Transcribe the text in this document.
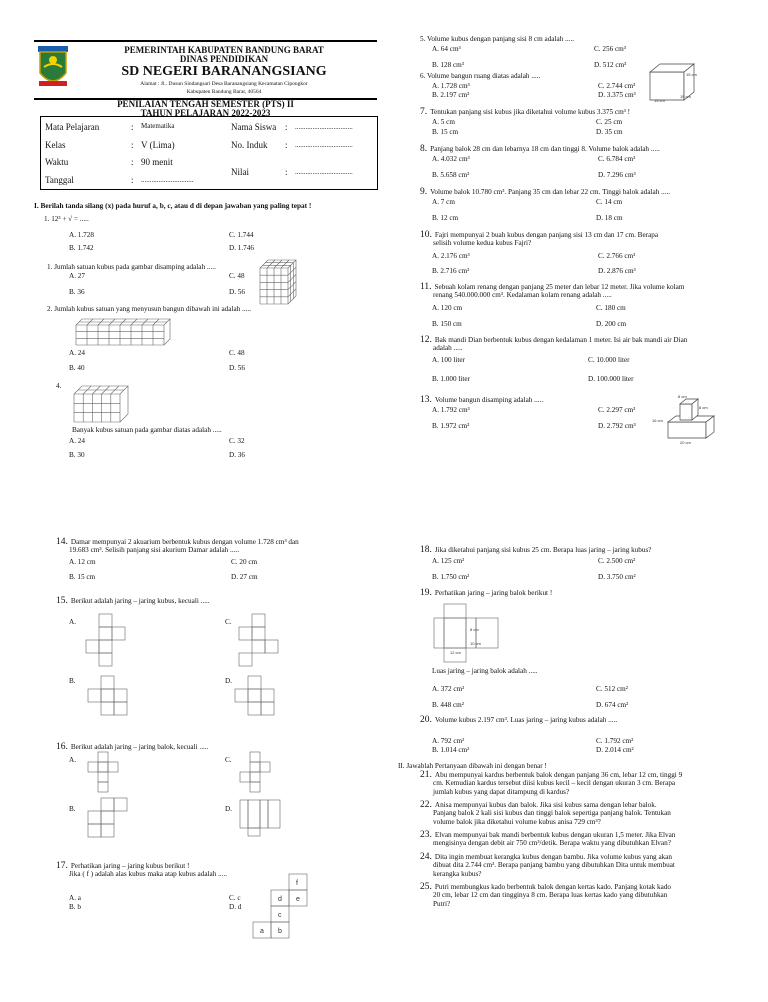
PEMERINTAH KABUPATEN BANDUNG BARAT
DINAS PENDIDIKAN
SD NEGERI BARANANGSIANG
Alamat : Jl.. Dusun Sindangsari Desa Baranangsiang Kecamatan Cipongkor
Kabupaten Bandung Barat, 40564
PENILAIAN TENGAH SEMESTER (PTS) II
TAHUN PELAJARAN 2022-2023
Mata Pelajaran	: Matematika
Kelas	: V (Lima)
Waktu	: 90 menit
Tanggal	: ..............................
Nama Siswa : .................................
No. Induk : .................................
Nilai	: .................................
I. Berilah tanda silang (x) pada huruf a, b, c, atau d di depan jawaban yang paling tepat !
1. 12³ + √ = .....
A. 1.728	C. 1.744
B. 1.742	D. 1.746
1. Jumlah satuan kubus pada gambar disamping adalah .....
A. 27	C. 48
B. 36	D. 56
2. Jumlah kubus satuan yang menyusun bangun dibawah ini adalah .....
A. 24	C. 48
B. 40	D. 56
4.
Banyak kubus satuan pada gambar diatas adalah .....
A. 24	C. 32
B. 30	D. 36
5. Volume kubus dengan panjang sisi 8 cm adalah .....
A. 64 cm³	C. 256 cm³
B. 128 cm³	D. 512 cm³
6. Volume bangun ruang diatas adalah .....
A. 1.728 cm³	C. 2.744 cm³
B. 2.197 cm³	D. 3.375 cm³
15 cm
15 cm
15 cm
7. Tentukan panjang sisi kubus jika diketahui volume kubus 3.375 cm³ !
A. 5 cm	C. 25 cm
B. 15 cm	D. 35 cm
8. Panjang balok 28 cm dan lebarnya 18 cm dan tinggi 8. Volume balok adalah .....
A. 4.032 cm³	C. 6.784 cm³
B. 5.658 cm³	D. 7.296 cm³
9. Volume balok 10.780 cm³. Panjang 35 cm dan lebar 22 cm. Tinggi balok adalah .....
A. 7 cm	C. 14 cm
B. 12 cm	D. 18 cm
10. Fajri mempunyai 2 buah kubus dengan panjang sisi 13 cm dan 17 cm. Berapa
selisih volume kedua kubus Fajri?
A. 2.176 cm³	C. 2.766 cm³
B. 2.716 cm³	D. 2.876 cm³
11. Sebuah kolam renang dengan panjang 25 meter dan lebar 12 meter. Jika volume kolam
renang 540.000.000 cm³. Kedalaman kolam renang adalah .....
A. 120 cm	C. 180 cm
B. 150 cm	D. 200 cm
12. Bak mandi Dian berbentuk kubus dengan kedalaman 1 meter. Isi air bak mandi air Dian
adalah .....
A. 100 liter	C. 10.000 liter
B. 1.000 liter	D. 100.000 liter
13. Volume bangun disamping adalah .....
A. 1.792 cm³	C. 2.297 cm³
B. 1.972 cm³	D. 2.792 cm³
8 cm
8 cm
16 cm
20 cm
14. Damar mempunyai 2 akuarium berbentuk kubus dengan volume 1.728 cm³ dan
19.683 cm³. Selisih panjang sisi akurium Damar adalah .....
A. 12 cm	C. 20 cm
B. 15 cm	D. 27 cm
15. Berikut adalah jaring – jaring kubus, kecuali .....
A.	C.
B.	D.
16. Berikut adalah jaring – jaring balok, kecuali .....
A.	C.
B.	D.
17. Perhatikan jaring – jaring kubus berikut !
Jika ( f ) adalah alas kubus maka atap kubus adalah .....
A. a	C. c
B. b	D. d
f
d e
c
a b
18. Jika diketahui panjang sisi kubus 25 cm. Berapa luas jaring – jaring kubus?
A. 125 cm²	C. 2.500 cm²
B. 1.750 cm²	D. 3.750 cm²
19. Perhatikan jaring – jaring balok berikut !
8 cm
10 cm
12 cm
Luas jaring – jaring balok adalah .....
A. 372 cm²	C. 512 cm²
B. 448 cm²	D. 674 cm²
20. Volume kubus 2.197 cm³. Luas jaring – jaring kubus adalah .....
A. 792 cm²	C. 1.792 cm²
B. 1.014 cm²	D. 2.014 cm²
II. Jawablah Pertanyaan dibawah ini dengan benar !
21. Abu mempunyai kardus berbentuk balok dengan panjang 36 cm, lebar 12 cm, tinggi 9
cm. Kemudian kardus tersebut diisi kubus kecil – kecil dengan ukuran 3 cm. Berapa
jumlah kubus yang dapat ditampung di kardus?
22. Anisa mempunyai kubus dan balok. Jika sisi kubus sama dengan lebar balok.
Panjang balok 2 kali sisi kubus dan tinggi balok sepertiga panjang balok. Tentukan
volume balok jika diketahui volume kubus anisa 729 cm³?
23. Elvan mempunyai bak mandi berbentuk kubus dengan ukuran 1,5 meter. Jika Elvan
mengisinya dengan debit air 750 cm³/detik. Berapa waktu yang dibutuhkan Elvan?
24. Dita ingin membuat kerangka kubus dengan bambu. Jika volume kubus yang akan
dibuat dita 2.744 cm³. Berapa panjang bambu yang dibutuhkan Dita untuk membuat
kerangka kubus?
25. Putri membungkus kado berbentuk balok dengan kertas kado. Panjang kotak kado
20 cm, lebar 12 cm dan tingginya 8 cm. Berapa luas kertas kado yang dibutuhkan
Putri?
